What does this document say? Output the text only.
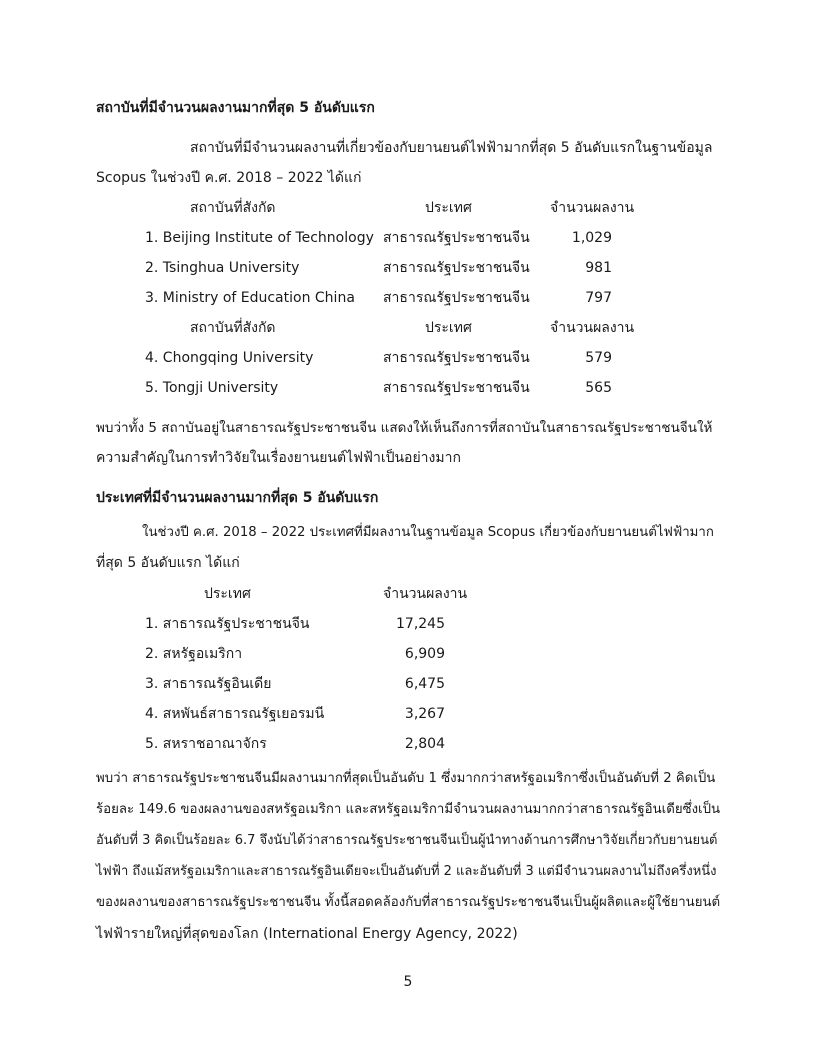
สถาบันที่มีจำนวนผลงานมากที่สุด 5 อันดับแรก
สถาบันที่มีจำนวนผลงานที่เกี่ยวข้องกับยานยนต์ไฟฟ้ามากที่สุด 5 อันดับแรกในฐานข้อมูล
Scopus ในช่วงปี ค.ศ. 2018 – 2022 ได้แก่
สถาบันที่สังกัด	ประเทศ	จำนวนผลงาน
1. Beijing Institute of Technology สาธารณรัฐประชาชนจีน	1,029
2. Tsinghua University	สาธารณรัฐประชาชนจีน	981
3. Ministry of Education China สาธารณรัฐประชาชนจีน	797
สถาบันที่สังกัด	ประเทศ	จำนวนผลงาน
4. Chongqing University	สาธารณรัฐประชาชนจีน	579
5. Tongji University	สาธารณรัฐประชาชนจีน	565
พบว่าทั้ง 5 สถาบันอยู่ในสาธารณรัฐประชาชนจีน แสดงให้เห็นถึงการที่สถาบันในสาธารณรัฐประชาชนจีนให้
ความสำคัญในการทำวิจัยในเรื่องยานยนต์ไฟฟ้าเป็นอย่างมาก
ประเทศที่มีจำนวนผลงานมากที่สุด 5 อันดับแรก
ในช่วงปี ค.ศ. 2018 – 2022 ประเทศที่มีผลงานในฐานข้อมูล Scopus เกี่ยวข้องกับยานยนต์ไฟฟ้ามาก
ที่สุด 5 อันดับแรก ได้แก่
ประเทศ	จำนวนผลงาน
1. สาธารณรัฐประชาชนจีน	17,245
2. สหรัฐอเมริกา	6,909
3. สาธารณรัฐอินเดีย	6,475
4. สหพันธ์สาธารณรัฐเยอรมนี	3,267
5. สหราชอาณาจักร	2,804
พบว่า สาธารณรัฐประชาชนจีนมีผลงานมากที่สุดเป็นอันดับ 1 ซึ่งมากกว่าสหรัฐอเมริกาซึ่งเป็นอันดับที่ 2 คิดเป็น
ร้อยละ 149.6 ของผลงานของสหรัฐอเมริกา และสหรัฐอเมริกามีจำนวนผลงานมากกว่าสาธารณรัฐอินเดียซึ่งเป็น
อันดับที่ 3 คิดเป็นร้อยละ 6.7 จึงนับได้ว่าสาธารณรัฐประชาชนจีนเป็นผู้นำทางด้านการศึกษาวิจัยเกี่ยวกับยานยนต์
ไฟฟ้า ถึงแม้สหรัฐอเมริกาและสาธารณรัฐอินเดียจะเป็นอันดับที่ 2 และอันดับที่ 3 แต่มีจำนวนผลงานไม่ถึงครึ่งหนึ่ง
ของผลงานของสาธารณรัฐประชาชนจีน ทั้งนี้สอดคล้องกับที่สาธารณรัฐประชาชนจีนเป็นผู้ผลิตและผู้ใช้ยานยนต์
ไฟฟ้ารายใหญ่ที่สุดของโลก (International Energy Agency, 2022)
5
